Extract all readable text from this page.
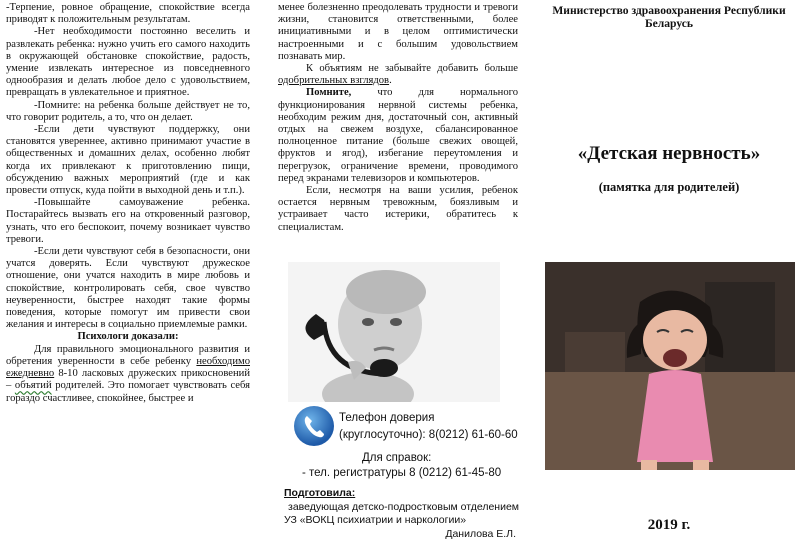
-Терпение, ровное обращение, спокойствие всегда приводят к положительным результатам.

-Нет необходимости постоянно веселить и развлекать ребенка: нужно учить его самого находить в окружающей обстановке спокойствие, радость, умение извлекать интересное из повседневного однообразия и делать любое дело с удовольствием, превращать в увлекательное и приятное.

-Помните: на ребенка больше действует не то, что говорит родитель, а то, что он делает.

-Если дети чувствуют поддержку, они становятся увереннее, активно принимают участие в общественных и домашних делах, особенно любят когда их привлекают к приготовлению пищи, обсуждению важных мероприятий (где и как провести отпуск, куда пойти в выходной день и т.п.).

-Повышайте самоуважение ребенка. Постарайтесь вызвать его на откровенный разговор, узнать, что его беспокоит, почему возникает чувство тревоги.

-Если дети чувствуют себя в безопасности, они учатся доверять. Если чувствуют дружеское отношение, они учатся находить в мире любовь и спокойствие, контролировать себя, свое чувство неуверенности, быстрее находят такие формы поведения, которые помогут им привести свои желания и интересы в социально приемлемые рамки.

Психологи доказали:

Для правильного эмоционального развития и обретения уверенности в себе ребенку необходимо ежедневно 8-10 ласковых дружеских прикосновений – объятий родителей. Это помогает чувствовать себя гораздо счастливее, спокойнее, быстрее и

менее болезненно преодолевать трудности и тревоги жизни, становится ответственными, более инициативными и в целом оптимистически настроенными и с большим удовольствием познавать мир.

К объятиям не забывайте добавить больше одобрительных взглядов.

Помните, что для нормального функционирования нервной системы ребенка, необходим режим дня, достаточный сон, активный отдых на свежем воздухе, сбалансированное полноценное питание (больше свежих овощей, фруктов и ягод), избегание переутомления и перегрузок, ограничение времени, проводимого перед экранами телевизоров и компьютеров.

Если, несмотря на ваши усилия, ребенок остается нервным тревожным, боязливым и устраивает часто истерики, обратитесь к специалистам.

Телефон доверия
(круглосуточно): 8(0212) 61-60-60
Для справок:
- тел. регистратуры 8 (0212) 61-45-80
Подготовила:
заведующая детско-подростковым отделением
УЗ «ВОКЦ психиатрии и наркологии»
Данилова Е.Л.
Министерство здравоохранения Республики Беларусь
«Детская нервность»
(памятка для родителей)
2019 г.
